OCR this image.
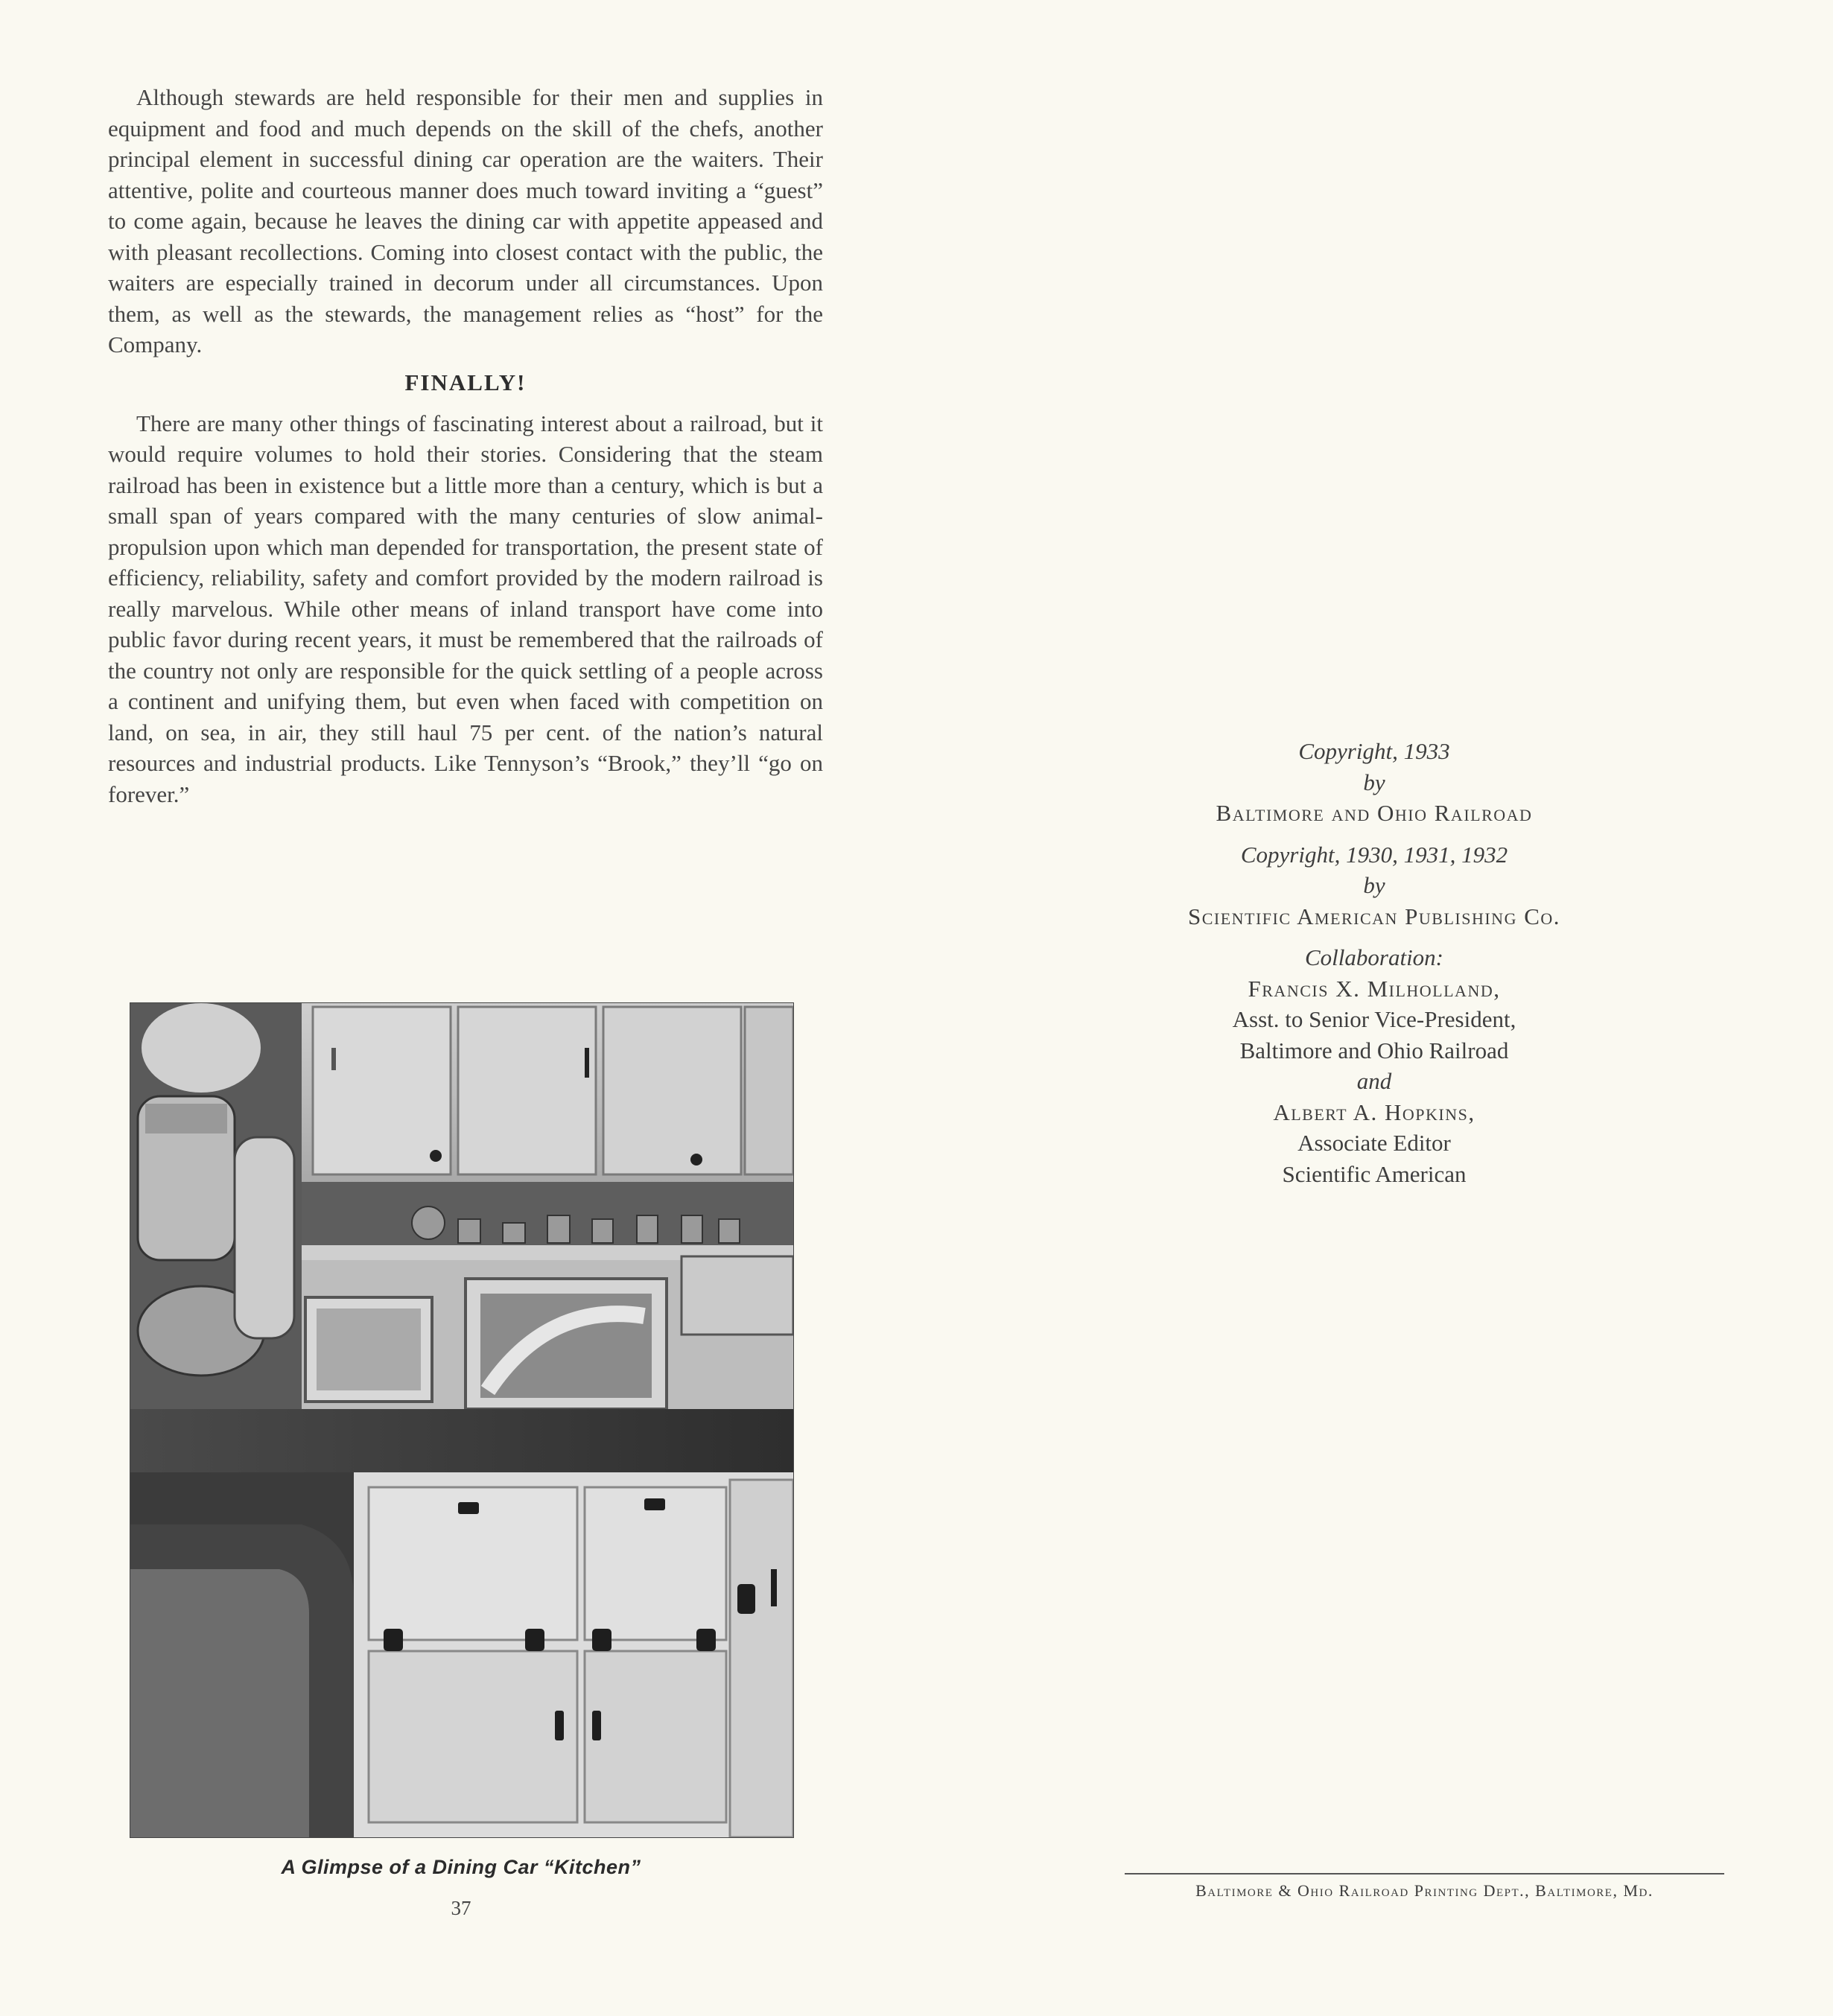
Although stewards are held responsible for their men and supplies in equipment and food and much depends on the skill of the chefs, another principal element in successful dining car operation are the waiters. Their attentive, polite and courteous manner does much toward inviting a “guest” to come again, because he leaves the dining car with appetite appeased and with pleasant recollections. Coming into closest contact with the public, the waiters are especially trained in decorum under all circumstances. Upon them, as well as the stewards, the management relies as “host” for the Company.

FINALLY!

There are many other things of fascinating interest about a railroad, but it would require volumes to hold their stories. Considering that the steam railroad has been in existence but a little more than a century, which is but a small span of years compared with the many centuries of slow animal-propulsion upon which man depended for transportation, the present state of efficiency, reliability, safety and comfort provided by the modern railroad is really marvelous. While other means of inland transport have come into public favor during recent years, it must be remembered that the railroads of the country not only are responsible for the quick settling of a people across a continent and unifying them, but even when faced with competition on land, on sea, in air, they still haul 75 per cent. of the nation’s natural resources and industrial products. Like Tennyson’s “Brook,” they’ll “go on forever.”

A Glimpse of a Dining Car “Kitchen”
37
Copyright, 1933
by
Baltimore and Ohio Railroad
Copyright, 1930, 1931, 1932
by
Scientific American Publishing Co.
Collaboration:
Francis X. Milholland,
Asst. to Senior Vice-President,
Baltimore and Ohio Railroad
and
Albert A. Hopkins,
Associate Editor
Scientific American
Baltimore & Ohio Railroad Printing Dept., Baltimore, Md.
